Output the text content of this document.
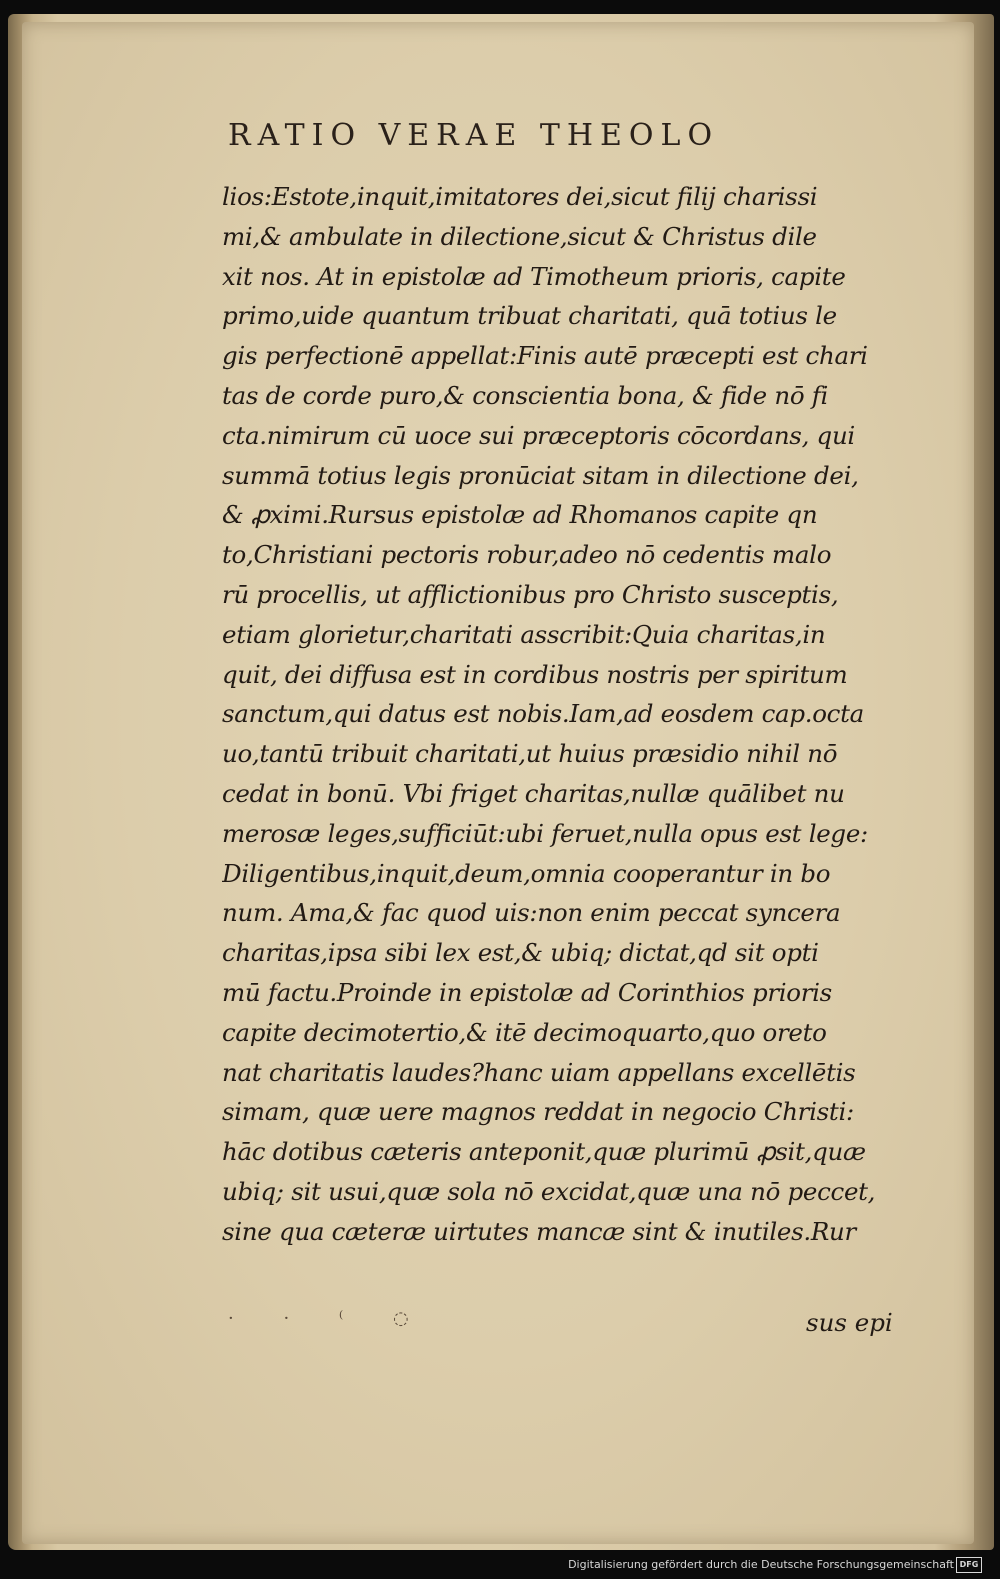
RATIO VERAE THEOLO
lios:Estote,inquit,imitatores dei,sicut filij charissi
mi,& ambulate in dilectione,sicut & Christus dile
xit nos. At in epistolæ ad Timotheum prioris, capite
primo,uide quantum tribuat charitati, quā totius le
gis perfectionē appellat:Finis autē præcepti est chari
tas de corde puro,& conscientia bona, & fide nō fi
cta.nimirum cū uoce sui præceptoris cōcordans, qui
summā totius legis pronūciat sitam in dilectione dei,
& ꝓximi.Rursus epistolæ ad Rhomanos capite qn
to,Christiani pectoris robur,adeo nō cedentis malo
rū procellis, ut afflictionibus pro Christo susceptis,
etiam glorietur,charitati asscribit:Quia charitas,in
quit, dei diffusa est in cordibus nostris per spiritum
sanctum,qui datus est nobis.Iam,ad eosdem cap.octa
uo,tantū tribuit charitati,ut huius præsidio nihil nō
cedat in bonū. Vbi friget charitas,nullæ quālibet nu
merosæ leges,sufficiūt:ubi feruet,nulla opus est lege:
Diligentibus,inquit,deum,omnia cooperantur in bo
num. Ama,& fac quod uis:non enim peccat syncera
charitas,ipsa sibi lex est,& ubiq; dictat,qd sit opti
mū factu.Proinde in epistolæ ad Corinthios prioris
capite decimotertio,& itē decimoquarto,quo oreto
nat charitatis laudes?hanc uiam appellans excellētis
simam, quæ uere magnos reddat in negocio Christi:
hāc dotibus cæteris anteponit,quæ plurimū ꝓsit,quæ
ubiq; sit usui,quæ sola nō excidat,quæ una nō peccet,
sine qua cæteræ uirtutes mancæ sint & inutiles.Rur
· · ⁽ ◌	sus epi
Digitalisierung gefördert durch die Deutsche Forschungsgemeinschaft DFG
